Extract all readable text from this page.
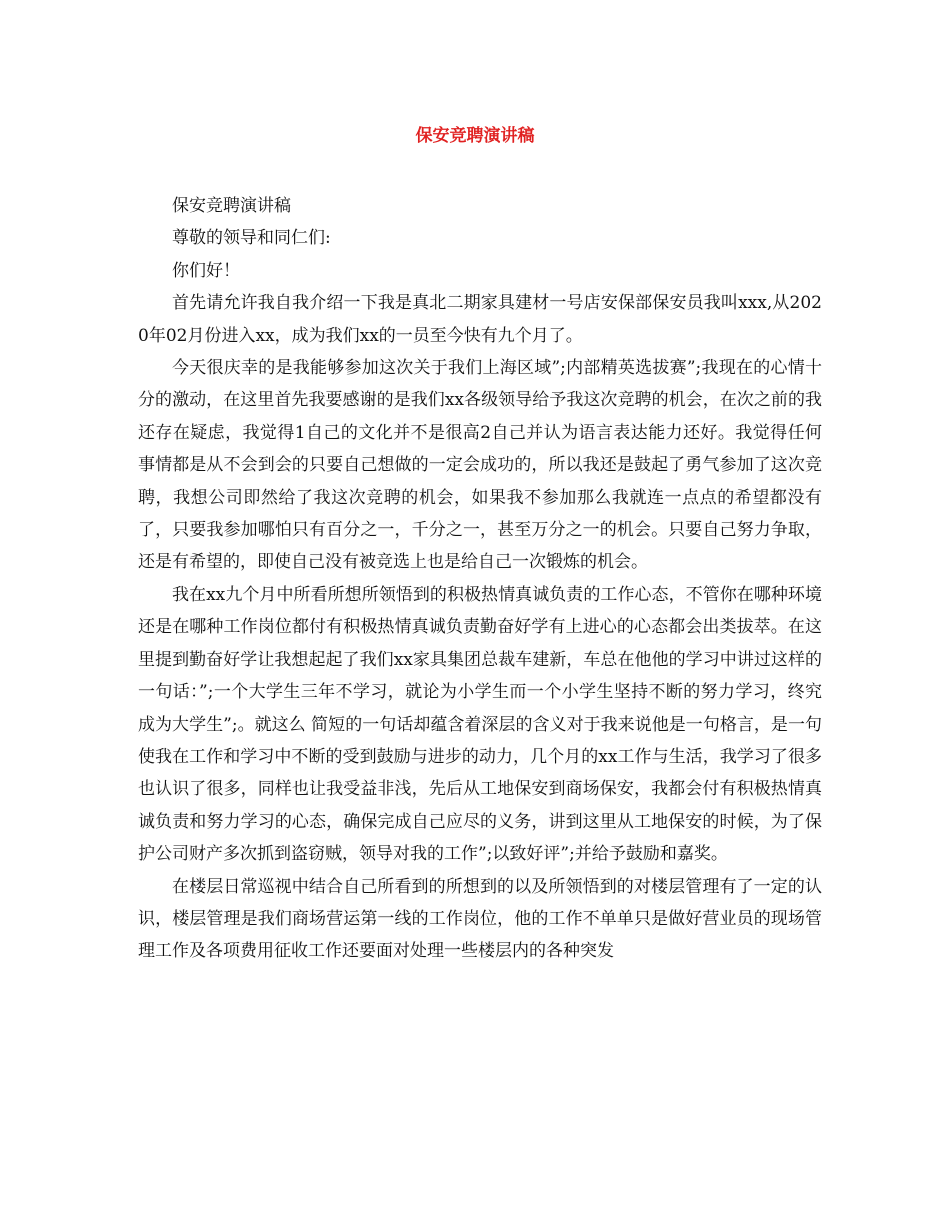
保安竞聘演讲稿

保安竞聘演讲稿

尊敬的领导和同仁们:

你们好！

首先请允许我自我介绍一下我是真北二期家具建材一号店安保部保安员我叫xxx,从2020年02月份进入xx，成为我们xx的一员至今快有九个月了。

今天很庆幸的是我能够参加这次关于我们上海区域”;内部精英选拔赛”;我现在的心情十分的激动，在这里首先我要感谢的是我们xx各级领导给予我这次竞聘的机会，在次之前的我还存在疑虑，我觉得1自己的文化并不是很高2自己并认为语言表达能力还好。我觉得任何事情都是从不会到会的只要自己想做的一定会成功的，所以我还是鼓起了勇气参加了这次竞聘，我想公司即然给了我这次竞聘的机会，如果我不参加那么我就连一点点的希望都没有了，只要我参加哪怕只有百分之一，千分之一，甚至万分之一的机会。只要自己努力争取，还是有希望的，即使自己没有被竞选上也是给自己一次锻炼的机会。

我在xx九个月中所看所想所领悟到的积极热情真诚负责的工作心态，不管你在哪种环境还是在哪种工作岗位都付有积极热情真诚负责勤奋好学有上进心的心态都会出类拔萃。在这里提到勤奋好学让我想起起了我们xx家具集团总裁车建新，车总在他他的学习中讲过这样的一句话：”;一个大学生三年不学习，就论为小学生而一个小学生坚持不断的努力学习，终究成为大学生”;。就这么 简短的一句话却蕴含着深层的含义对于我来说他是一句格言，是一句使我在工作和学习中不断的受到鼓励与进步的动力，几个月的xx工作与生活，我学习了很多也认识了很多，同样也让我受益非浅，先后从工地保安到商场保安，我都会付有积极热情真诚负责和努力学习的心态，确保完成自己应尽的义务，讲到这里从工地保安的时候，为了保护公司财产多次抓到盗窃贼，领导对我的工作”;以致好评”;并给予鼓励和嘉奖。

在楼层日常巡视中结合自己所看到的所想到的以及所领悟到的对楼层管理有了一定的认识，楼层管理是我们商场营运第一线的工作岗位，他的工作不单单只是做好营业员的现场管理工作及各项费用征收工作还要面对处理一些楼层内的各种突发
